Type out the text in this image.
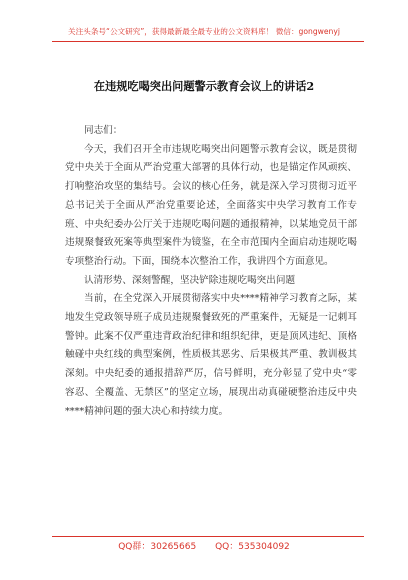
关注头条号“公文研究”，获得最新最全最专业的公文资料库！ 微信：gongwenyj
在违规吃喝突出问题警示教育会议上的讲话2

同志们：

今天，我们召开全市违规吃喝突出问题警示教育会议，既是贯彻党中央关于全面从严治党重大部署的具体行动，也是锚定作风顽疾、打响整治攻坚的集结号。会议的核心任务，就是深入学习贯彻习近平总书记关于全面从严治党重要论述，全面落实中央学习教育工作专班、中央纪委办公厅关于违规吃喝问题的通报精神，以某地党员干部违规聚餐致死案等典型案件为镜鉴，在全市范围内全面启动违规吃喝专项整治行动。下面，围绕本次整治工作，我讲四个方面意见。

认清形势、深刻警醒，坚决铲除违规吃喝突出问题

当前，在全党深入开展贯彻落实中央****精神学习教育之际，某地发生党政领导班子成员违规聚餐致死的严重案件，无疑是一记刺耳警钟。此案不仅严重违背政治纪律和组织纪律，更是顶风违纪、顶格触碰中央红线的典型案例，性质极其恶劣、后果极其严重、教训极其深刻。中央纪委的通报措辞严厉，信号鲜明，充分彰显了党中央“零容忍、全覆盖、无禁区”的坚定立场，展现出动真碰硬整治违反中央****精神问题的强大决心和持续力度。

QQ群：30265665 QQ：535304092
